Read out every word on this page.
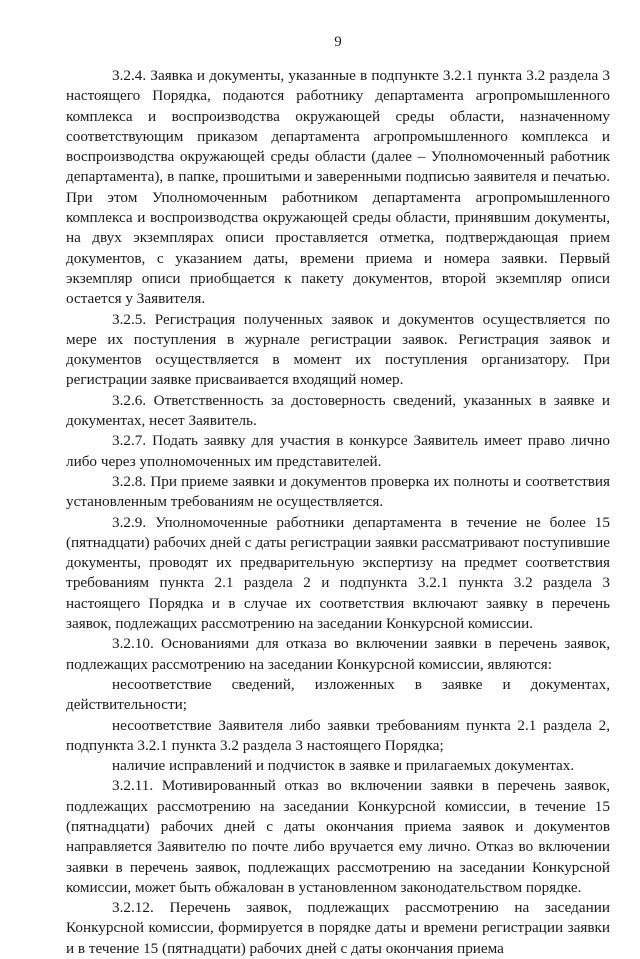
9

3.2.4. Заявка и документы, указанные в подпункте 3.2.1 пункта 3.2 раздела 3 настоящего Порядка, подаются работнику департамента агропромышленного комплекса и воспроизводства окружающей среды области, назначенному соответствующим приказом департамента агропромышленного комплекса и воспроизводства окружающей среды области (далее – Уполномоченный работник департамента), в папке, прошитыми и заверенными подписью заявителя и печатью. При этом Уполномоченным работником департамента агропромышленного комплекса и воспроизводства окружающей среды области, принявшим документы, на двух экземплярах описи проставляется отметка, подтверждающая прием документов, с указанием даты, времени приема и номера заявки. Первый экземпляр описи приобщается к пакету документов, второй экземпляр описи остается у Заявителя.

3.2.5. Регистрация полученных заявок и документов осуществляется по мере их поступления в журнале регистрации заявок. Регистрация заявок и документов осуществляется в момент их поступления организатору. При регистрации заявке присваивается входящий номер.

3.2.6. Ответственность за достоверность сведений, указанных в заявке и документах, несет Заявитель.

3.2.7. Подать заявку для участия в конкурсе Заявитель имеет право лично либо через уполномоченных им представителей.

3.2.8. При приеме заявки и документов проверка их полноты и соответствия установленным требованиям не осуществляется.

3.2.9. Уполномоченные работники департамента в течение не более 15 (пятнадцати) рабочих дней с даты регистрации заявки рассматривают поступившие документы, проводят их предварительную экспертизу на предмет соответствия требованиям пункта 2.1 раздела 2 и подпункта 3.2.1 пункта 3.2 раздела 3 настоящего Порядка и в случае их соответствия включают заявку в перечень заявок, подлежащих рассмотрению на заседании Конкурсной комиссии.

3.2.10. Основаниями для отказа во включении заявки в перечень заявок, подлежащих рассмотрению на заседании Конкурсной комиссии, являются:

несоответствие сведений, изложенных в заявке и документах, действительности;

несоответствие Заявителя либо заявки требованиям пункта 2.1 раздела 2, подпункта 3.2.1 пункта 3.2 раздела 3 настоящего Порядка;

наличие исправлений и подчисток в заявке и прилагаемых документах.

3.2.11. Мотивированный отказ во включении заявки в перечень заявок, подлежащих рассмотрению на заседании Конкурсной комиссии, в течение 15 (пятнадцати) рабочих дней с даты окончания приема заявок и документов направляется Заявителю по почте либо вручается ему лично. Отказ во включении заявки в перечень заявок, подлежащих рассмотрению на заседании Конкурсной комиссии, может быть обжалован в установленном законодательством порядке.

3.2.12. Перечень заявок, подлежащих рассмотрению на заседании Конкурсной комиссии, формируется в порядке даты и времени регистрации заявки и в течение 15 (пятнадцати) рабочих дней с даты окончания приема
